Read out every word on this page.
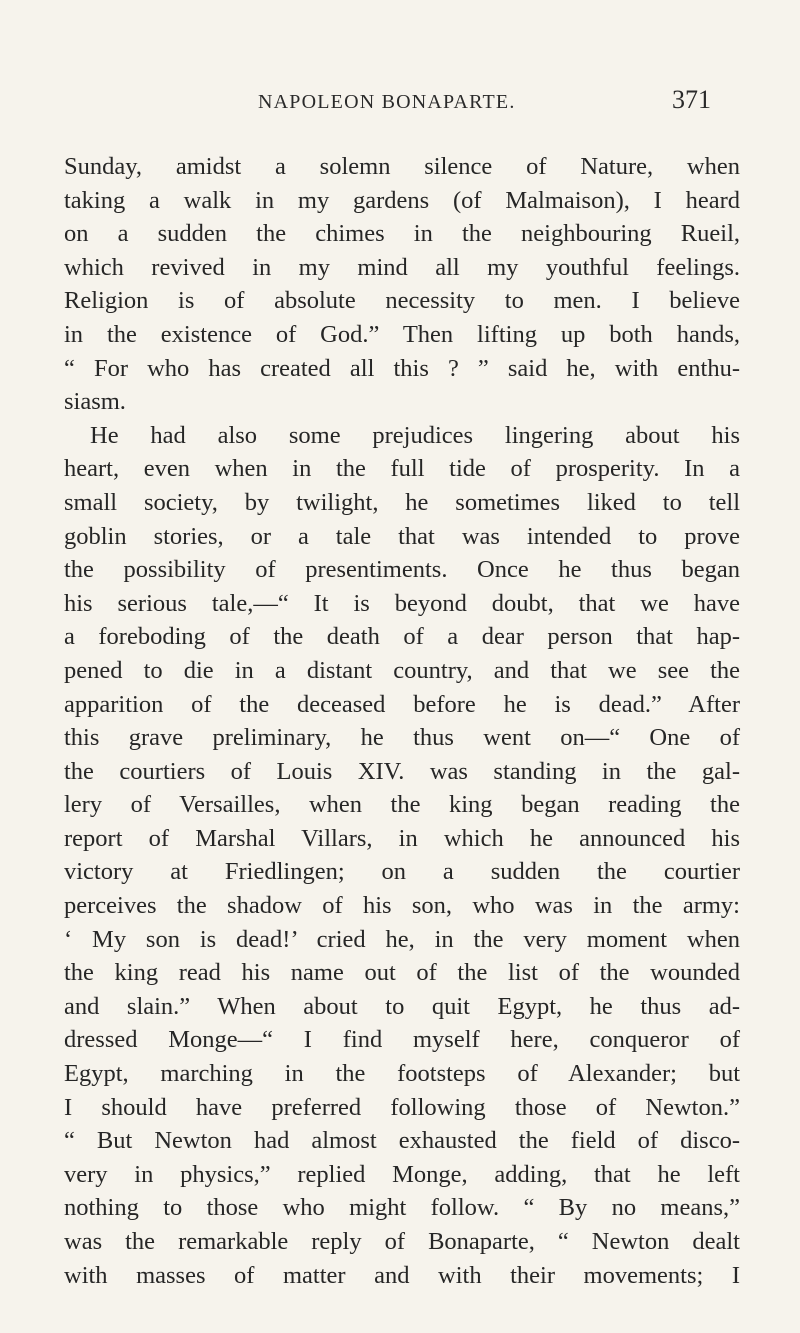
NAPOLEON BONAPARTE.	371
Sunday, amidst a solemn silence of Nature, when
taking a walk in my gardens (of Malmaison), I heard
on a sudden the chimes in the neighbouring Rueil,
which revived in my mind all my youthful feelings.
Religion is of absolute necessity to men. I believe
in the existence of God.” Then lifting up both hands,
“ For who has created all this ? ” said he, with enthu-
siasm.
He had also some prejudices lingering about his
heart, even when in the full tide of prosperity. In a
small society, by twilight, he sometimes liked to tell
goblin stories, or a tale that was intended to prove
the possibility of presentiments. Once he thus began
his serious tale,—“ It is beyond doubt, that we have
a foreboding of the death of a dear person that hap-
pened to die in a distant country, and that we see the
apparition of the deceased before he is dead.” After
this grave preliminary, he thus went on—“ One of
the courtiers of Louis XIV. was standing in the gal-
lery of Versailles, when the king began reading the
report of Marshal Villars, in which he announced his
victory at Friedlingen; on a sudden the courtier
perceives the shadow of his son, who was in the army:
‘ My son is dead!’ cried he, in the very moment when
the king read his name out of the list of the wounded
and slain.” When about to quit Egypt, he thus ad-
dressed Monge—“ I find myself here, conqueror of
Egypt, marching in the footsteps of Alexander; but
I should have preferred following those of Newton.”
“ But Newton had almost exhausted the field of disco-
very in physics,” replied Monge, adding, that he left
nothing to those who might follow. “ By no means,”
was the remarkable reply of Bonaparte, “ Newton dealt
with masses of matter and with their movements; I
